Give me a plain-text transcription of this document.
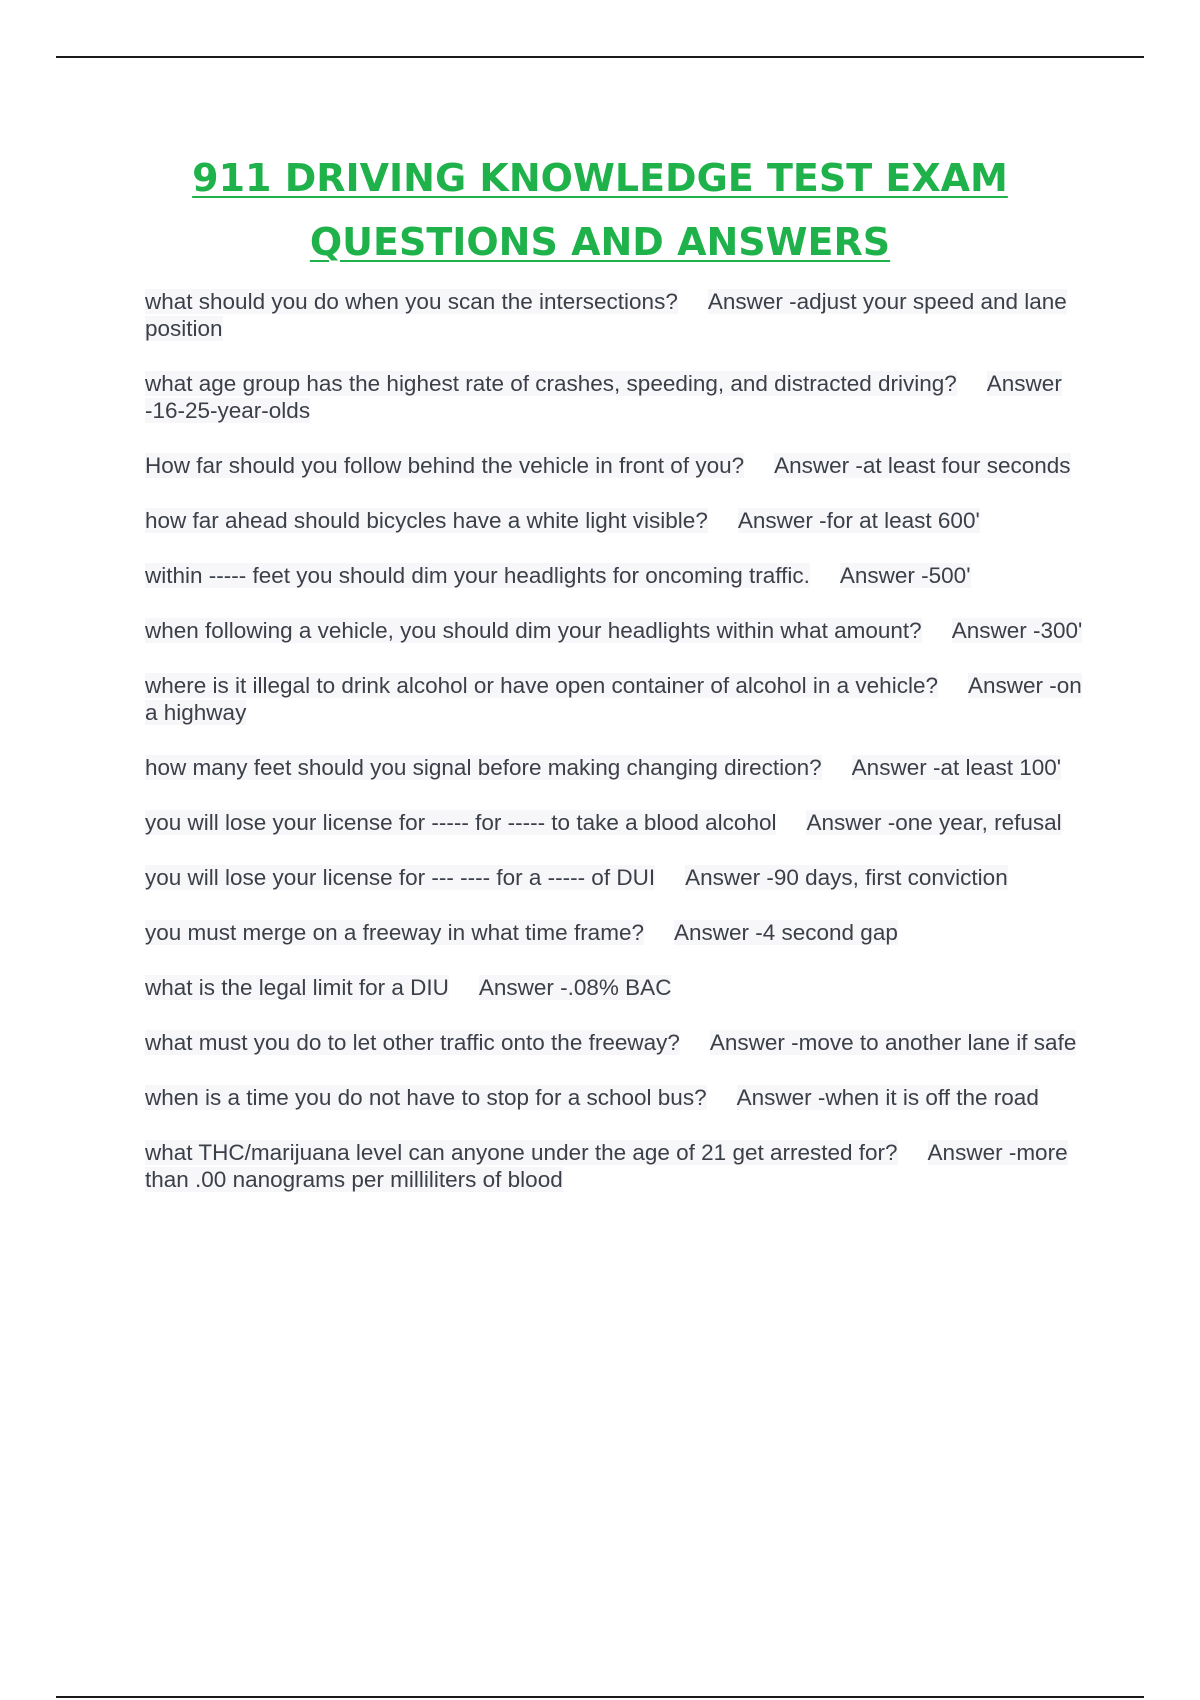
911 DRIVING KNOWLEDGE TEST EXAM
QUESTIONS AND ANSWERS
what should you do when you scan the intersections? Answer -adjust your speed and lane position
what age group has the highest rate of crashes, speeding, and distracted driving? Answer -16-25-year-olds
How far should you follow behind the vehicle in front of you? Answer -at least four seconds
how far ahead should bicycles have a white light visible? Answer -for at least 600'
within ----- feet you should dim your headlights for oncoming traffic. Answer -500'
when following a vehicle, you should dim your headlights within what amount? Answer -300'
where is it illegal to drink alcohol or have open container of alcohol in a vehicle? Answer -on a highway
how many feet should you signal before making changing direction? Answer -at least 100'
you will lose your license for ----- for ----- to take a blood alcohol Answer -one year, refusal
you will lose your license for --- ---- for a ----- of DUI Answer -90 days, first conviction
you must merge on a freeway in what time frame? Answer -4 second gap
what is the legal limit for a DIU Answer -.08% BAC
what must you do to let other traffic onto the freeway? Answer -move to another lane if safe
when is a time you do not have to stop for a school bus? Answer -when it is off the road
what THC/marijuana level can anyone under the age of 21 get arrested for? Answer -more than .00 nanograms per milliliters of blood
